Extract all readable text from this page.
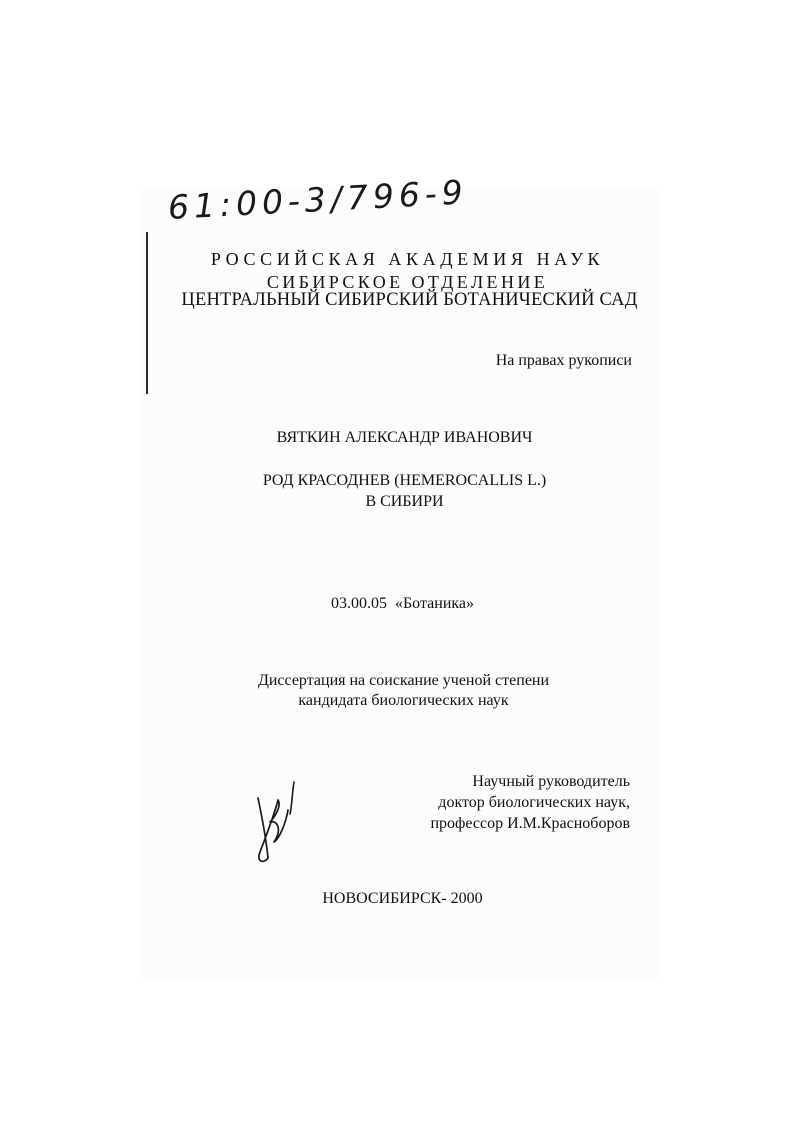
61:00-3/796-9
РОССИЙСКАЯ АКАДЕМИЯ НАУК
СИБИРСКОЕ ОТДЕЛЕНИЕ
ЦЕНТРАЛЬНЫЙ СИБИРСКИЙ БОТАНИЧЕСКИЙ САД
На правах рукописи
ВЯТКИН АЛЕКСАНДР ИВАНОВИЧ
РОД КРАСОДНЕВ (HEMEROCALLIS L.)
В СИБИРИ
03.00.05  «Ботаника»
Диссертация на соискание ученой степени
кандидата биологических наук
Научный руководитель
доктор биологических наук,
профессор И.М.Красноборов
НОВОСИБИРСК- 2000
